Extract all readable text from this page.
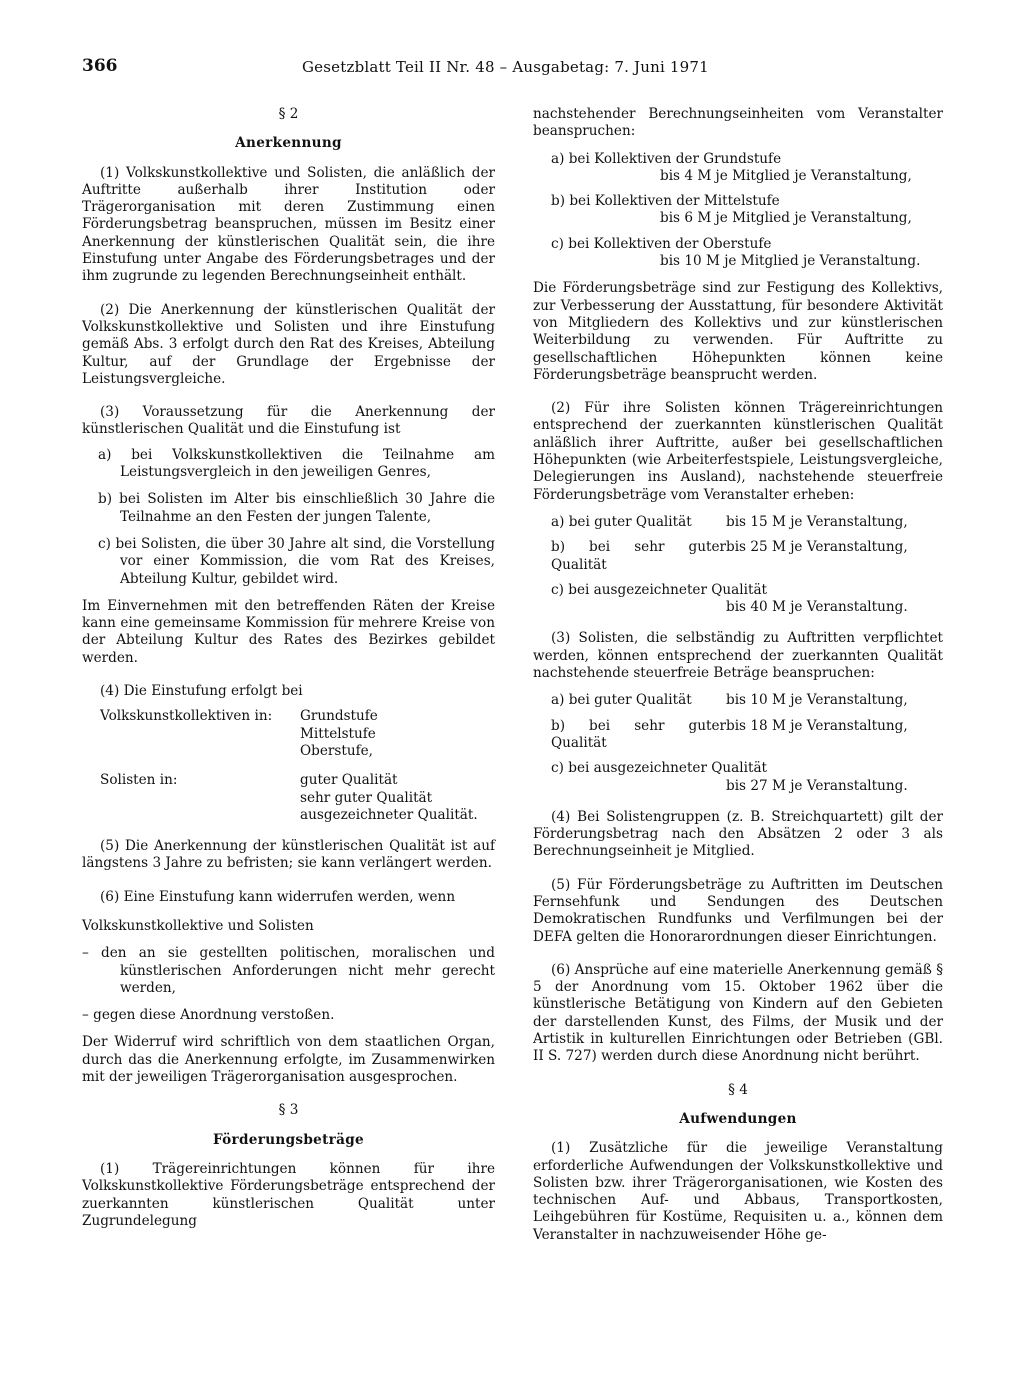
366	Gesetzblatt Teil II Nr. 48 – Ausgabetag: 7. Juni 1971
§ 2
Anerkennung

(1) Volkskunstkollektive und Solisten, die anläßlich der Auftritte außerhalb ihrer Institution oder Trägerorganisation mit deren Zustimmung einen Förderungsbetrag beanspruchen, müssen im Besitz einer Anerkennung der künstlerischen Qualität sein, die ihre Einstufung unter Angabe des Förderungsbetrages und der ihm zugrunde zu legenden Berechnungseinheit enthält.

(2) Die Anerkennung der künstlerischen Qualität der Volkskunstkollektive und Solisten und ihre Einstufung gemäß Abs. 3 erfolgt durch den Rat des Kreises, Abteilung Kultur, auf der Grundlage der Ergebnisse der Leistungsvergleiche.

(3) Voraussetzung für die Anerkennung der künstlerischen Qualität und die Einstufung ist

a) bei Volkskunstkollektiven die Teilnahme am Leistungsvergleich in den jeweiligen Genres,

b) bei Solisten im Alter bis einschließlich 30 Jahre die Teilnahme an den Festen der jungen Talente,

c) bei Solisten, die über 30 Jahre alt sind, die Vorstellung vor einer Kommission, die vom Rat des Kreises, Abteilung Kultur, gebildet wird.

Im Einvernehmen mit den betreffenden Räten der Kreise kann eine gemeinsame Kommission für mehrere Kreise von der Abteilung Kultur des Rates des Bezirkes gebildet werden.

(4) Die Einstufung erfolgt bei

Volkskunstkollektiven in:	Grundstufe
Mittelstufe
Oberstufe,
Solisten in:	guter Qualität
sehr guter Qualität
ausgezeichneter Qualität.

(5) Die Anerkennung der künstlerischen Qualität ist auf längstens 3 Jahre zu befristen; sie kann verlängert werden.

(6) Eine Einstufung kann widerrufen werden, wenn

Volkskunstkollektive und Solisten

– den an sie gestellten politischen, moralischen und künstlerischen Anforderungen nicht mehr gerecht werden,

– gegen diese Anordnung verstoßen.

Der Widerruf wird schriftlich von dem staatlichen Organ, durch das die Anerkennung erfolgte, im Zusammenwirken mit der jeweiligen Trägerorganisation ausgesprochen.

§ 3
Förderungsbeträge

(1) Trägereinrichtungen können für ihre Volkskunstkollektive Förderungsbeträge entsprechend der zuerkannten künstlerischen Qualität unter Zugrundelegung

nachstehender Berechnungseinheiten vom Veranstalter beanspruchen:

a) bei Kollektiven der Grundstufe
bis 4 M je Mitglied je Veranstaltung,
b) bei Kollektiven der Mittelstufe
bis 6 M je Mitglied je Veranstaltung,
c) bei Kollektiven der Oberstufe
bis 10 M je Mitglied je Veranstaltung.

Die Förderungsbeträge sind zur Festigung des Kollektivs, zur Verbesserung der Ausstattung, für besondere Aktivität von Mitgliedern des Kollektivs und zur künstlerischen Weiterbildung zu verwenden. Für Auftritte zu gesellschaftlichen Höhepunkten können keine Förderungsbeträge beansprucht werden.

(2) Für ihre Solisten können Trägereinrichtungen entsprechend der zuerkannten künstlerischen Qualität anläßlich ihrer Auftritte, außer bei gesellschaftlichen Höhepunkten (wie Arbeiterfestspiele, Leistungsvergleiche, Delegierungen ins Ausland), nachstehende steuerfreie Förderungsbeträge vom Veranstalter erheben:

a) bei guter Qualität	bis 15 M je Veranstaltung,
b) bei sehr guter Qualität
bis 25 M je Veranstaltung,
c) bei ausgezeichneter Qualität
bis 40 M je Veranstaltung.

(3) Solisten, die selbständig zu Auftritten verpflichtet werden, können entsprechend der zuerkannten Qualität nachstehende steuerfreie Beträge beanspruchen:

a) bei guter Qualität	bis 10 M je Veranstaltung,
b) bei sehr guter Qualität
bis 18 M je Veranstaltung,
c) bei ausgezeichneter Qualität
bis 27 M je Veranstaltung.

(4) Bei Solistengruppen (z. B. Streichquartett) gilt der Förderungsbetrag nach den Absätzen 2 oder 3 als Berechnungseinheit je Mitglied.

(5) Für Förderungsbeträge zu Auftritten im Deutschen Fernsehfunk und Sendungen des Deutschen Demokratischen Rundfunks und Verfilmungen bei der DEFA gelten die Honorarordnungen dieser Einrichtungen.

(6) Ansprüche auf eine materielle Anerkennung gemäß § 5 der Anordnung vom 15. Oktober 1962 über die künstlerische Betätigung von Kindern auf den Gebieten der darstellenden Kunst, des Films, der Musik und der Artistik in kulturellen Einrichtungen oder Betrieben (GBl. II S. 727) werden durch diese Anordnung nicht berührt.

§ 4
Aufwendungen

(1) Zusätzliche für die jeweilige Veranstaltung erforderliche Aufwendungen der Volkskunstkollektive und Solisten bzw. ihrer Trägerorganisationen, wie Kosten des technischen Auf- und Abbaus, Transportkosten, Leihgebühren für Kostüme, Requisiten u. a., können dem Veranstalter in nachzuweisender Höhe ge-
